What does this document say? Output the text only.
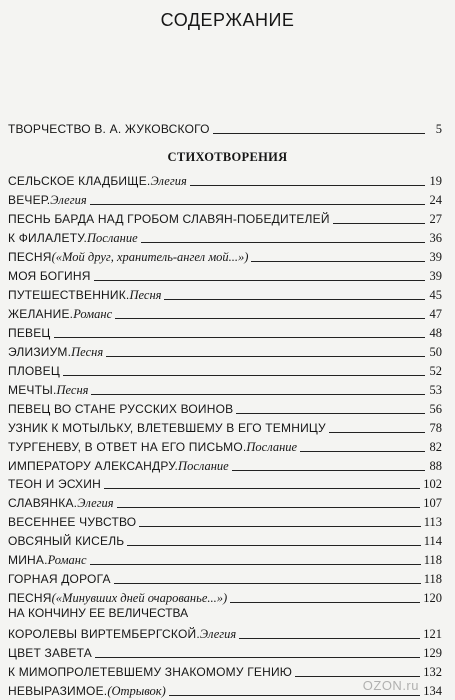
СОДЕРЖАНИЕ
ТВОРЧЕСТВО В. А. ЖУКОВСКОГО	5
СТИХОТВОРЕНИЯ
СЕЛЬСКОЕ КЛАДБИЩЕ. Элегия	19
ВЕЧЕР. Элегия	24
ПЕСНЬ БАРДА НАД ГРОБОМ СЛАВЯН-ПОБЕДИТЕЛЕЙ	27
К ФИЛАЛЕТУ. Послание	36
ПЕСНЯ («Мой друг, хранитель-ангел мой...»)	39
МОЯ БОГИНЯ	39
ПУТЕШЕСТВЕННИК. Песня	45
ЖЕЛАНИЕ. Романс	47
ПЕВЕЦ	48
ЭЛИЗИУМ. Песня	50
ПЛОВЕЦ	52
МЕЧТЫ. Песня	53
ПЕВЕЦ ВО СТАНЕ РУССКИХ ВОИНОВ	56
УЗНИК К МОТЫЛЬКУ, ВЛЕТЕВШЕМУ В ЕГО ТЕМНИЦУ	78
ТУРГЕНЕВУ, В ОТВЕТ НА ЕГО ПИСЬМО. Послание	82
ИМПЕРАТОРУ АЛЕКСАНДРУ. Послание	88
ТЕОН И ЭСХИН	102
СЛАВЯНКА. Элегия	107
ВЕСЕННЕЕ ЧУВСТВО	113
ОВСЯНЫЙ КИСЕЛЬ	114
МИНА. Романс	118
ГОРНАЯ ДОРОГА	118
ПЕСНЯ («Минувших дней очарованье...»)	120
НА КОНЧИНУ ЕЕ ВЕЛИЧЕСТВА
КОРОЛЕВЫ ВИРТЕМБЕРГСКОЙ. Элегия	121
ЦВЕТ ЗАВЕТА	129
К МИМОПРОЛЕТЕВШЕМУ ЗНАКОМОМУ ГЕНИЮ	132
НЕВЫРАЗИМОЕ. (Отрывок)	134
OZON.ru
